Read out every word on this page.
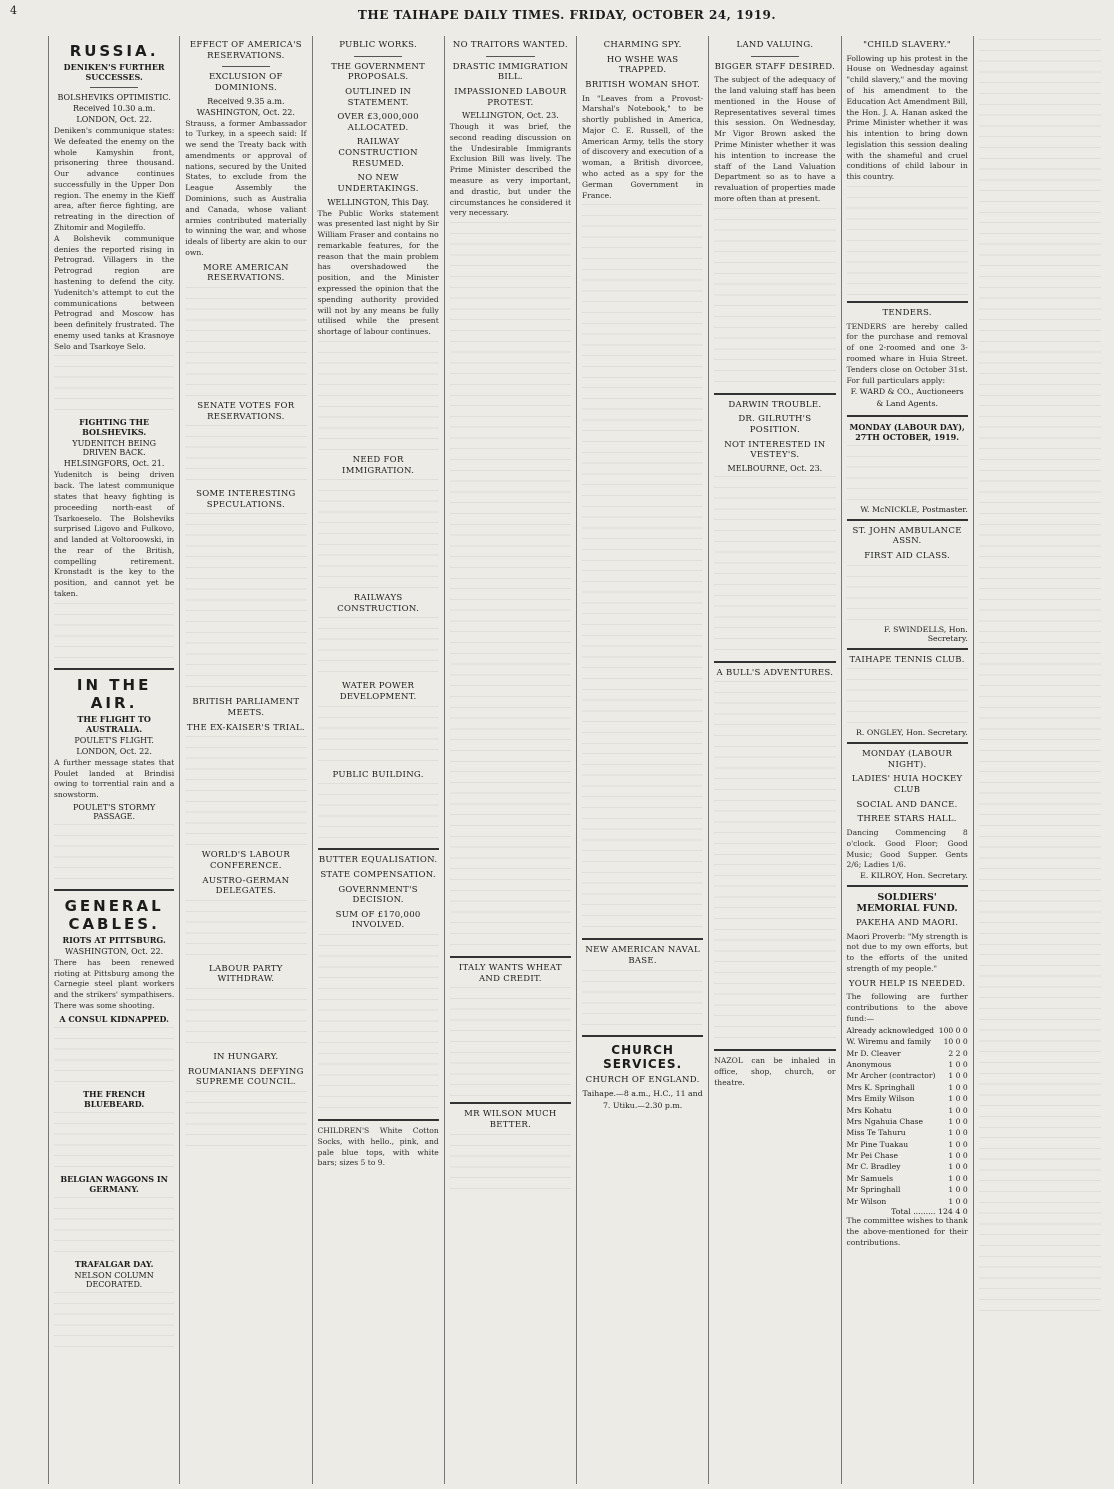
4	THE TAIHAPE DAILY TIMES. FRIDAY, OCTOBER 24, 1919.
RUSSIA.
DENIKEN'S FURTHER SUCCESSES.
BOLSHEVIKS OPTIMISTIC.
Received 10.30 a.m.
LONDON, Oct. 22.

Deniken's communique states: We defeated the enemy on the whole Kamyshin front, prisonering three thousand. Our advance continues successfully in the Upper Don region. The enemy in the Kieff area, after fierce fighting, are retreating in the direction of Zhitomir and Mogileffo.

A Bolshevik communique denies the reported rising in Petrograd. Villagers in the Petrograd region are hastening to defend the city. Yudenitch's attempt to cut the communications between Petrograd and Moscow has been definitely frustrated. The enemy used tanks at Krasnoye Selo and Tsarkoye Selo.

FIGHTING THE BOLSHEVIKS.
YUDENITCH BEING DRIVEN BACK.
HELSINGFORS, Oct. 21.

Yudenitch is being driven back. The latest communique states that heavy fighting is proceeding north-east of Tsarkoeselo. The Bolsheviks surprised Ligovo and Fulkovo, and landed at Voltoroowski, in the rear of the British, compelling retirement. Kronstadt is the key to the position, and cannot yet be taken.

IN THE AIR.
THE FLIGHT TO AUSTRALIA.
POULET'S FLIGHT.
LONDON, Oct. 22.

A further message states that Poulet landed at Brindisi owing to torrential rain and a snowstorm.

POULET'S STORMY PASSAGE.
GENERAL CABLES.
RIOTS AT PITTSBURG.
WASHINGTON, Oct. 22.

There has been renewed rioting at Pittsburg among the Carnegie steel plant workers and the strikers' sympathisers. There was some shooting.

A CONSUL KIDNAPPED.
THE FRENCH BLUEBEARD.
BELGIAN WAGGONS IN GERMANY.
TRAFALGAR DAY.
NELSON COLUMN DECORATED.
EFFECT OF AMERICA'S RESERVATIONS.
EXCLUSION OF DOMINIONS.
Received 9.35 a.m.
WASHINGTON, Oct. 22.

Strauss, a former Ambassador to Turkey, in a speech said: If we send the Treaty back with amendments or approval of nations, secured by the United States, to exclude from the League Assembly the Dominions, such as Australia and Canada, whose valiant armies contributed materially to winning the war, and whose ideals of liberty are akin to our own.

MORE AMERICAN RESERVATIONS.
SENATE VOTES FOR RESERVATIONS.
SOME INTERESTING SPECULATIONS.
BRITISH PARLIAMENT MEETS.
THE EX-KAISER'S TRIAL.
WORLD'S LABOUR CONFERENCE.
AUSTRO-GERMAN DELEGATES.
LABOUR PARTY WITHDRAW.
IN HUNGARY.
ROUMANIANS DEFYING SUPREME COUNCIL.
PUBLIC WORKS.
THE GOVERNMENT PROPOSALS.
OUTLINED IN STATEMENT.
OVER £3,000,000 ALLOCATED.
RAILWAY CONSTRUCTION RESUMED.
NO NEW UNDERTAKINGS.
WELLINGTON, This Day.

The Public Works statement was presented last night by Sir William Fraser and contains no remarkable features, for the reason that the main problem has overshadowed the position, and the Minister expressed the opinion that the spending authority provided will not by any means be fully utilised while the present shortage of labour continues.

NEED FOR IMMIGRATION.
RAILWAYS CONSTRUCTION.
WATER POWER DEVELOPMENT.
PUBLIC BUILDING.
BUTTER EQUALISATION.
STATE COMPENSATION.
GOVERNMENT'S DECISION.
SUM OF £170,000 INVOLVED.

CHILDREN'S White Cotton Socks, with hello., pink, and pale blue tops, with white bars; sizes 5 to 9.

NO TRAITORS WANTED.
DRASTIC IMMIGRATION BILL.
IMPASSIONED LABOUR PROTEST.
WELLINGTON, Oct. 23.

Though it was brief, the second reading discussion on the Undesirable Immigrants Exclusion Bill was lively. The Prime Minister described the measure as very important, and drastic, but under the circumstances he considered it very necessary.

ITALY WANTS WHEAT AND CREDIT.
MR WILSON MUCH BETTER.
CHARMING SPY.
HO WSHE WAS TRAPPED.
BRITISH WOMAN SHOT.

In "Leaves from a Provost-Marshal's Notebook," to be shortly published in America, Major C. E. Russell, of the American Army, tells the story of discovery and execution of a woman, a British divorcee, who acted as a spy for the German Government in France.

NEW AMERICAN NAVAL BASE.
CHURCH SERVICES.
CHURCH OF ENGLAND.
Taihape.—8 a.m., H.C., 11 and 7. Utiku.—2.30 p.m.
LAND VALUING.
BIGGER STAFF DESIRED.

The subject of the adequacy of the land valuing staff has been mentioned in the House of Representatives several times this session. On Wednesday, Mr Vigor Brown asked the Prime Minister whether it was his intention to increase the staff of the Land Valuation Department so as to have a revaluation of properties made more often than at present.

DARWIN TROUBLE.
DR. GILRUTH'S POSITION.
NOT INTERESTED IN VESTEY'S.
MELBOURNE, Oct. 23.
A BULL'S ADVENTURES.

NAZOL can be inhaled in office, shop, church, or theatre.

"CHILD SLAVERY."

Following up his protest in the House on Wednesday against "child slavery," and the moving of his amendment to the Education Act Amendment Bill, the Hon. J. A. Hanan asked the Prime Minister whether it was his intention to bring down legislation this session dealing with the shameful and cruel conditions of child labour in this country.

TENDERS.

TENDERS are hereby called for the purchase and removal of one 2-roomed and one 3-roomed whare in Huia Street. Tenders close on October 31st. For full particulars apply:

F. WARD & CO., Auctioneers & Land Agents.
MONDAY (LABOUR DAY), 27TH OCTOBER, 1919.
W. McNICKLE, Postmaster.
ST. JOHN AMBULANCE ASSN.
FIRST AID CLASS.
F. SWINDELLS, Hon. Secretary.
TAIHAPE TENNIS CLUB.
R. ONGLEY, Hon. Secretary.
MONDAY (LABOUR NIGHT).
LADIES' HUIA HOCKEY CLUB
SOCIAL AND DANCE.
THREE STARS HALL.

Dancing Commencing 8 o'clock. Good Floor; Good Music; Good Supper. Gents 2/6; Ladies 1/6.

E. KILROY, Hon. Secretary.
SOLDIERS' MEMORIAL FUND.
PAKEHA AND MAORI.

Maori Proverb: "My strength is not due to my own efforts, but to the efforts of the united strength of my people."

YOUR HELP IS NEEDED.

The following are further contributions to the above fund:—

Already acknowledged 100 0 0
W. Wiremu and family 10 0 0
Mr D. Cleaver	2 2 0
Anonymous	1 0 0
Mr Archer (contractor) 1 0 0
Mrs K. Springhall	1 0 0
Mrs Emily Wilson	1 0 0
Mrs Kohatu	1 0 0
Mrs Ngahuia Chase	1 0 0
Miss Te Tahuru	1 0 0
Mr Pine Tuakau	1 0 0
Mr Pei Chase	1 0 0
Mr C. Bradley	1 0 0
Mr Samuels	1 0 0
Mr Springhall	1 0 0
Mr Wilson	1 0 0
Total ......... 124 4 0

The committee wishes to thank the above-mentioned for their contributions.
